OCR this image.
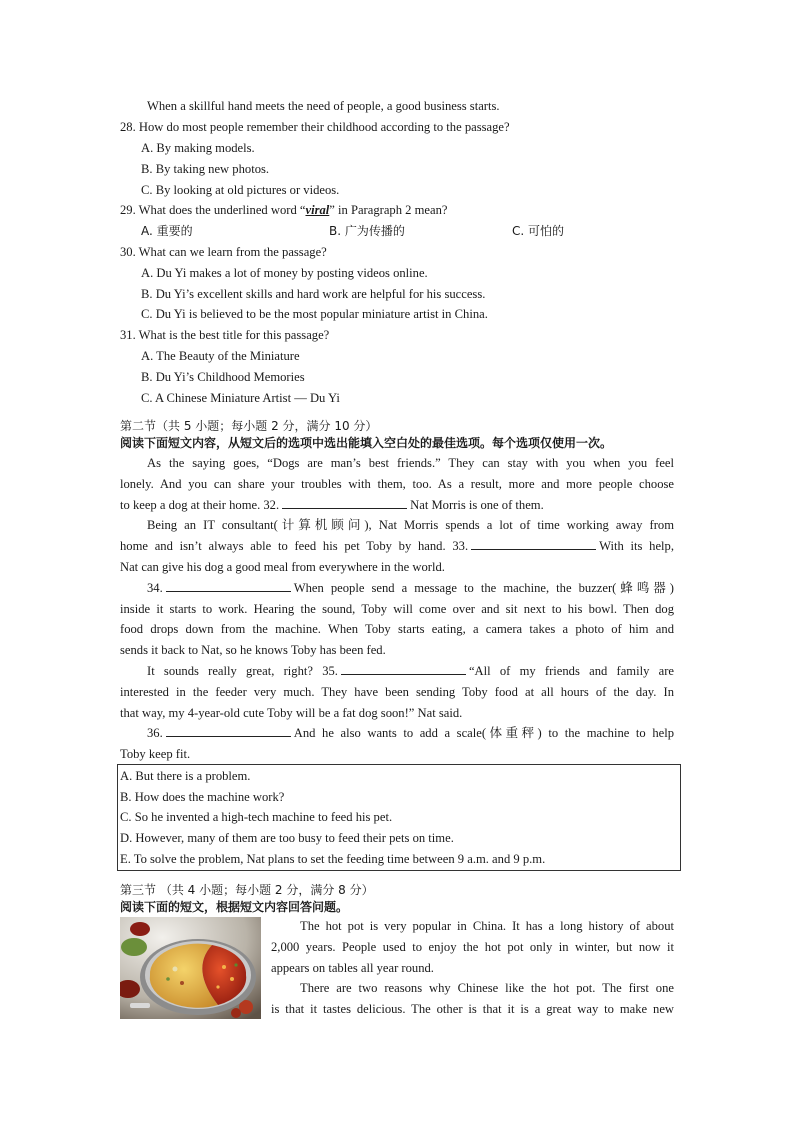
When a skillful hand meets the need of people, a good business starts.
28. How do most people remember their childhood according to the passage?
A. By making models.
B. By taking new photos.
C. By looking at old pictures or videos.
29. What does the underlined word “viral” in Paragraph 2 mean?
A. 重要的	B. 广为传播的	C. 可怕的
30. What can we learn from the passage?
A. Du Yi makes a lot of money by posting videos online.
B. Du Yi’s excellent skills and hard work are helpful for his success.
C. Du Yi is believed to be the most popular miniature artist in China.
31. What is the best title for this passage?
A. The Beauty of the Miniature
B. Du Yi’s Childhood Memories
C. A Chinese Miniature Artist — Du Yi
第二节（共 5 小题；每小题 2 分，满分 10 分）
阅读下面短文内容，从短文后的选项中选出能填入空白处的最佳选项。每个选项仅使用一次。
As the saying goes, “Dogs are man’s best friends.” They can stay with you when you feel
lonely. And you can share your troubles with them, too. As a result, more and more people choose
to keep a dog at their home. 32.	Nat Morris is one of them.
Being an IT consultant(计算机顾问), Nat Morris spends a lot of time working away from
home and isn’t always able to feed his pet Toby by hand. 33.	With its help,
Nat can give his dog a good meal from everywhere in the world.
34.	When people send a message to the machine, the buzzer(蜂鸣器)
inside it starts to work. Hearing the sound, Toby will come over and sit next to his bowl. Then dog
food drops down from the machine. When Toby starts eating, a camera takes a photo of him and
sends it back to Nat, so he knows Toby has been fed.
It sounds really great, right? 35.	“All of my friends and family are
interested in the feeder very much. They have been sending Toby food at all hours of the day. In
that way, my 4-year-old cute Toby will be a fat dog soon!” Nat said.
36.	And he also wants to add a scale(体重秤) to the machine to help
Toby keep fit.
A. But there is a problem.
B. How does the machine work?
C. So he invented a high-tech machine to feed his pet.
D. However, many of them are too busy to feed their pets on time.
E. To solve the problem, Nat plans to set the feeding time between 9 a.m. and 9 p.m.
第三节 （共 4 小题；每小题 2 分，满分 8 分）
阅读下面的短文，根据短文内容回答问题。
The hot pot is very popular in China. It has a long history of about
2,000 years. People used to enjoy the hot pot only in winter, but now it
appears on tables all year round.
There are two reasons why Chinese like the hot pot. The first one
is that it tastes delicious. The other is that it is a great way to make new
